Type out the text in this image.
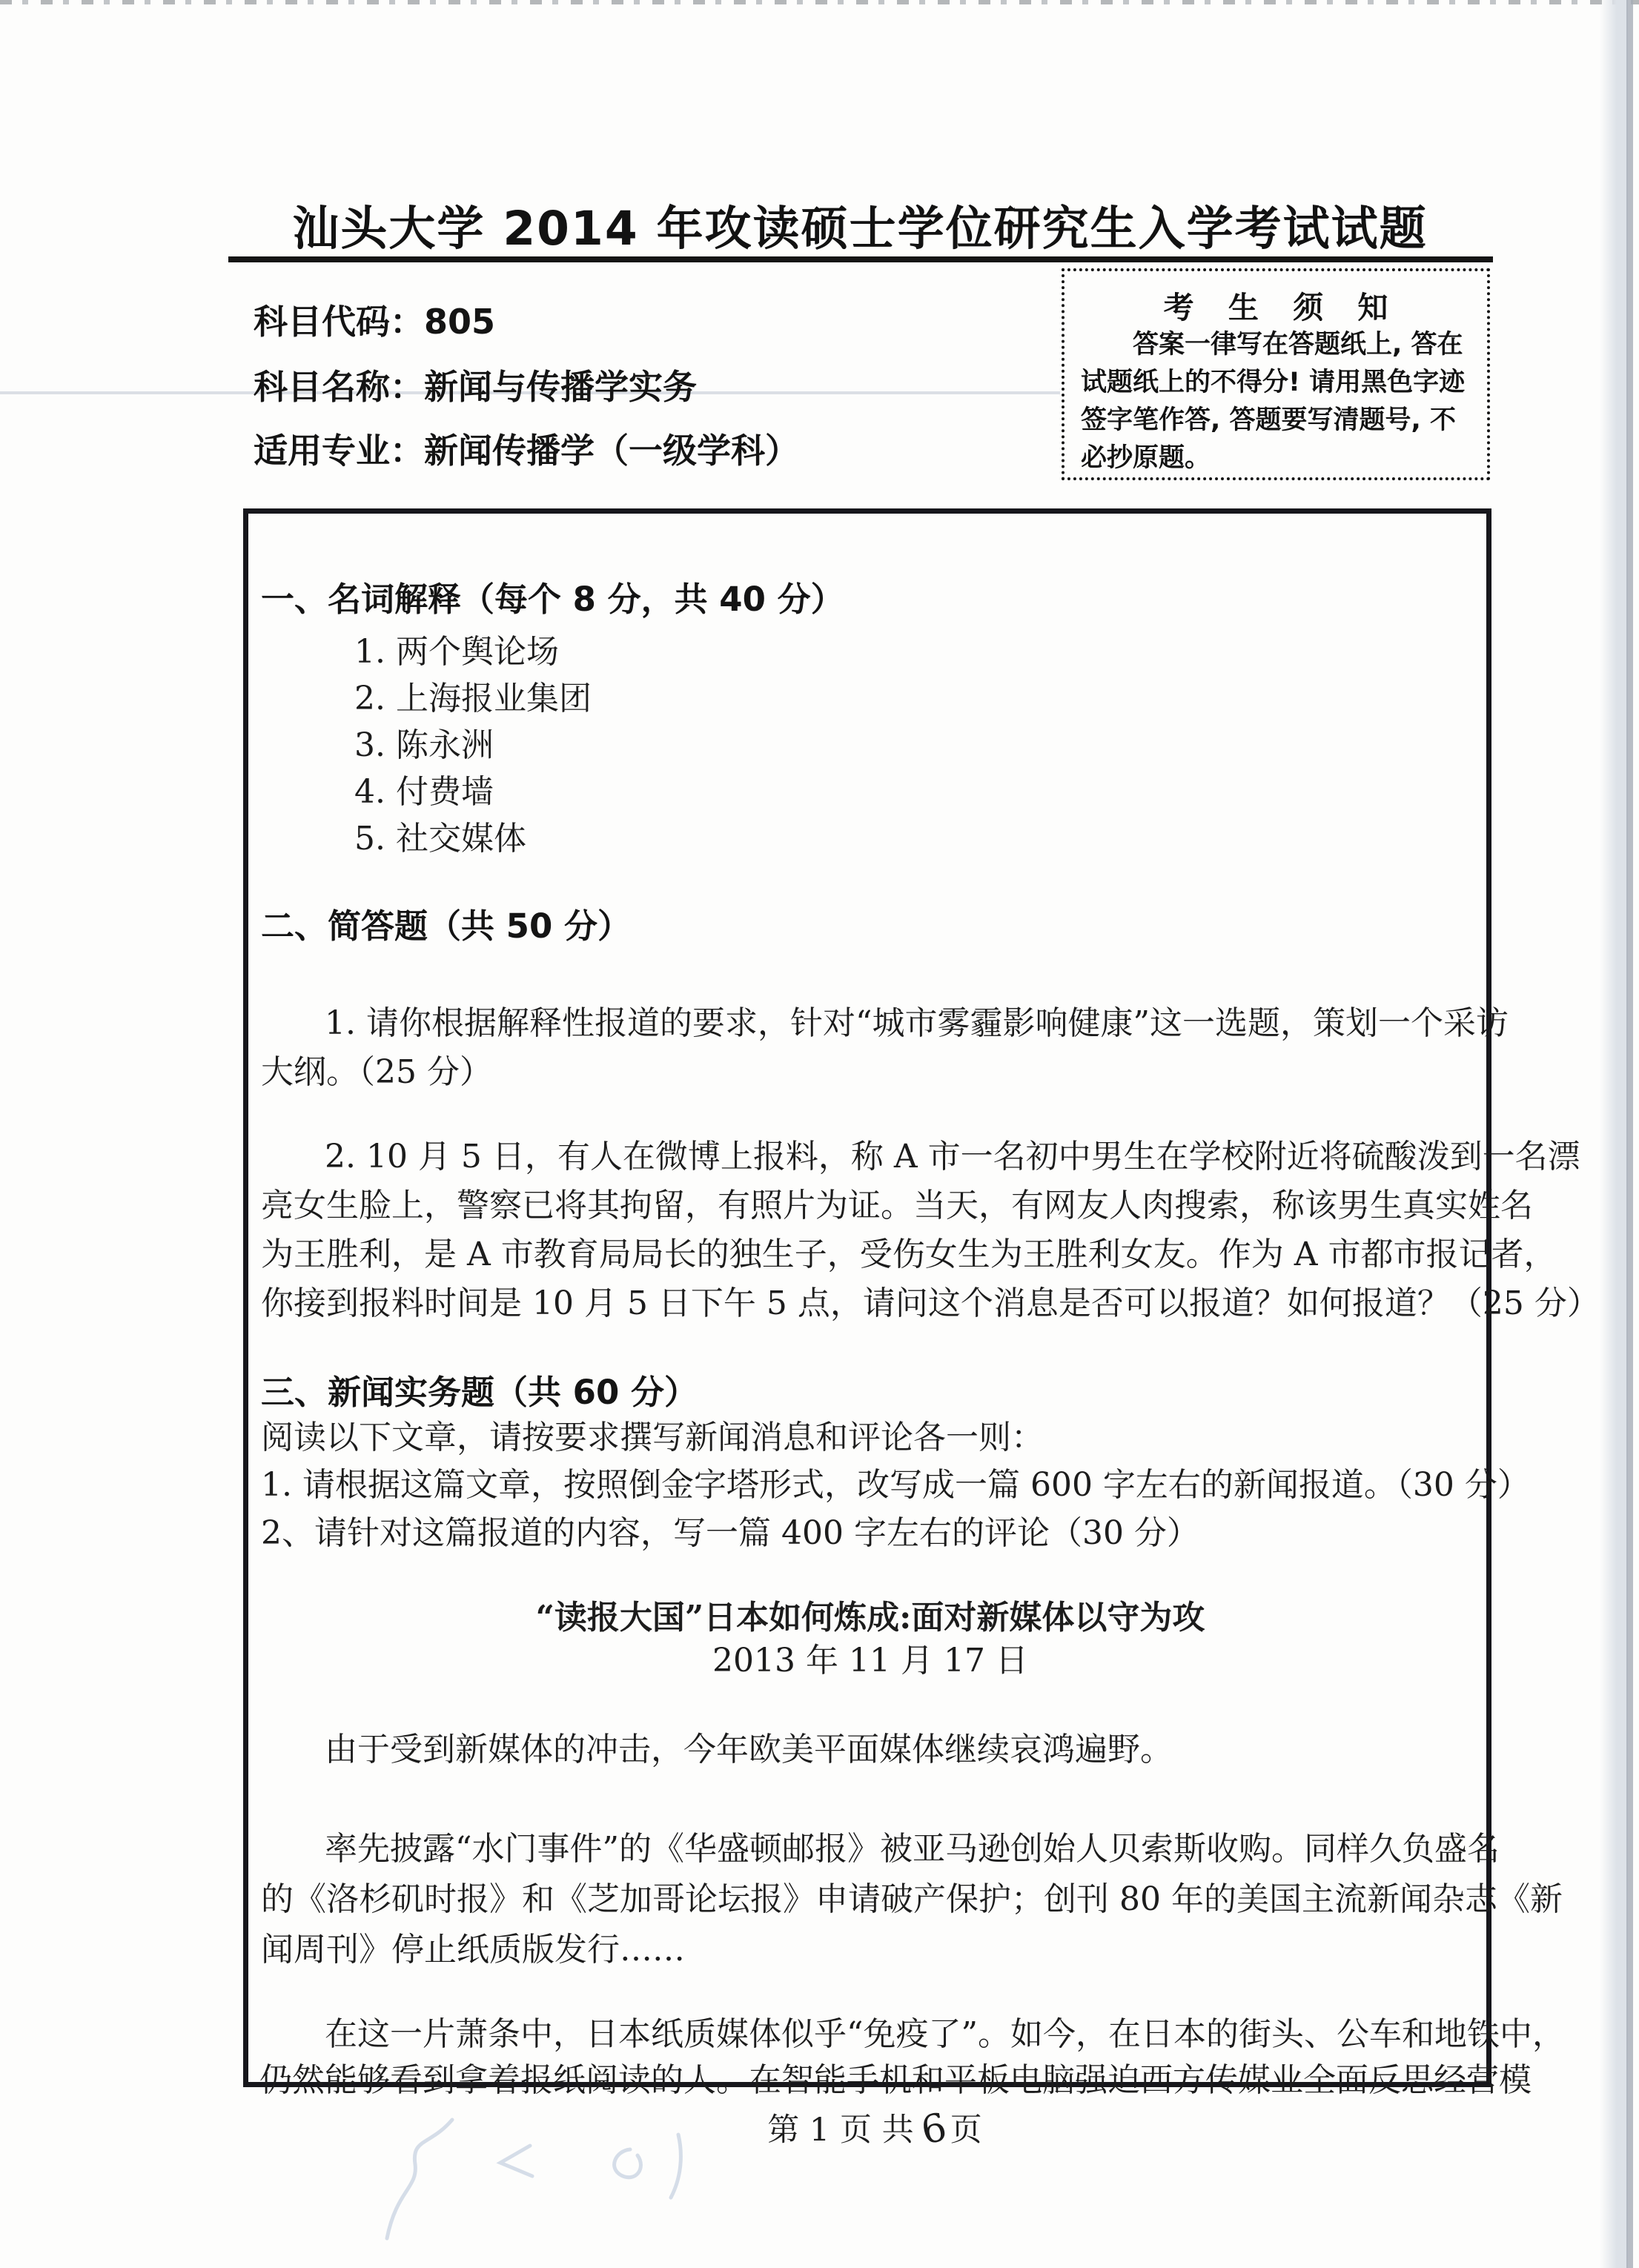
汕头大学 2014 年攻读硕士学位研究生入学考试试题
科目代码：805
科目名称：新闻与传播学实务
适用专业：新闻传播学（一级学科）
考 生 须 知
答案一律写在答题纸上, 答在试题纸上的不得分! 请用黑色字迹签字笔作答, 答题要写清题号, 不必抄原题。
一、名词解释（每个 8 分，共 40 分）
1. 两个舆论场
2. 上海报业集团
3. 陈永洲
4. 付费墙
5. 社交媒体
二、简答题（共 50 分）
1. 请你根据解释性报道的要求，针对“城市雾霾影响健康”这一选题，策划一个采访
大纲。（25 分）
2. 10 月 5 日，有人在微博上报料，称 A 市一名初中男生在学校附近将硫酸泼到一名漂
亮女生脸上，警察已将其拘留，有照片为证。当天，有网友人肉搜索，称该男生真实姓名
为王胜利，是 A 市教育局局长的独生子，受伤女生为王胜利女友。作为 A 市都市报记者，
你接到报料时间是 10 月 5 日下午 5 点，请问这个消息是否可以报道？如何报道？（25 分）
三、新闻实务题（共 60 分）
阅读以下文章，请按要求撰写新闻消息和评论各一则：
1. 请根据这篇文章，按照倒金字塔形式，改写成一篇 600 字左右的新闻报道。（30 分）
2、请针对这篇报道的内容，写一篇 400 字左右的评论（30 分）
“读报大国”日本如何炼成:面对新媒体以守为攻
2013 年 11 月 17 日
由于受到新媒体的冲击，今年欧美平面媒体继续哀鸿遍野。
率先披露“水门事件”的《华盛顿邮报》被亚马逊创始人贝索斯收购。同样久负盛名
的《洛杉矶时报》和《芝加哥论坛报》申请破产保护；创刊 80 年的美国主流新闻杂志《新
闻周刊》停止纸质版发行……
在这一片萧条中，日本纸质媒体似乎“免疫了”。如今，在日本的街头、公车和地铁中，
仍然能够看到拿着报纸阅读的人。在智能手机和平板电脑强迫西方传媒业全面反思经营模
第 1 页 共6页
